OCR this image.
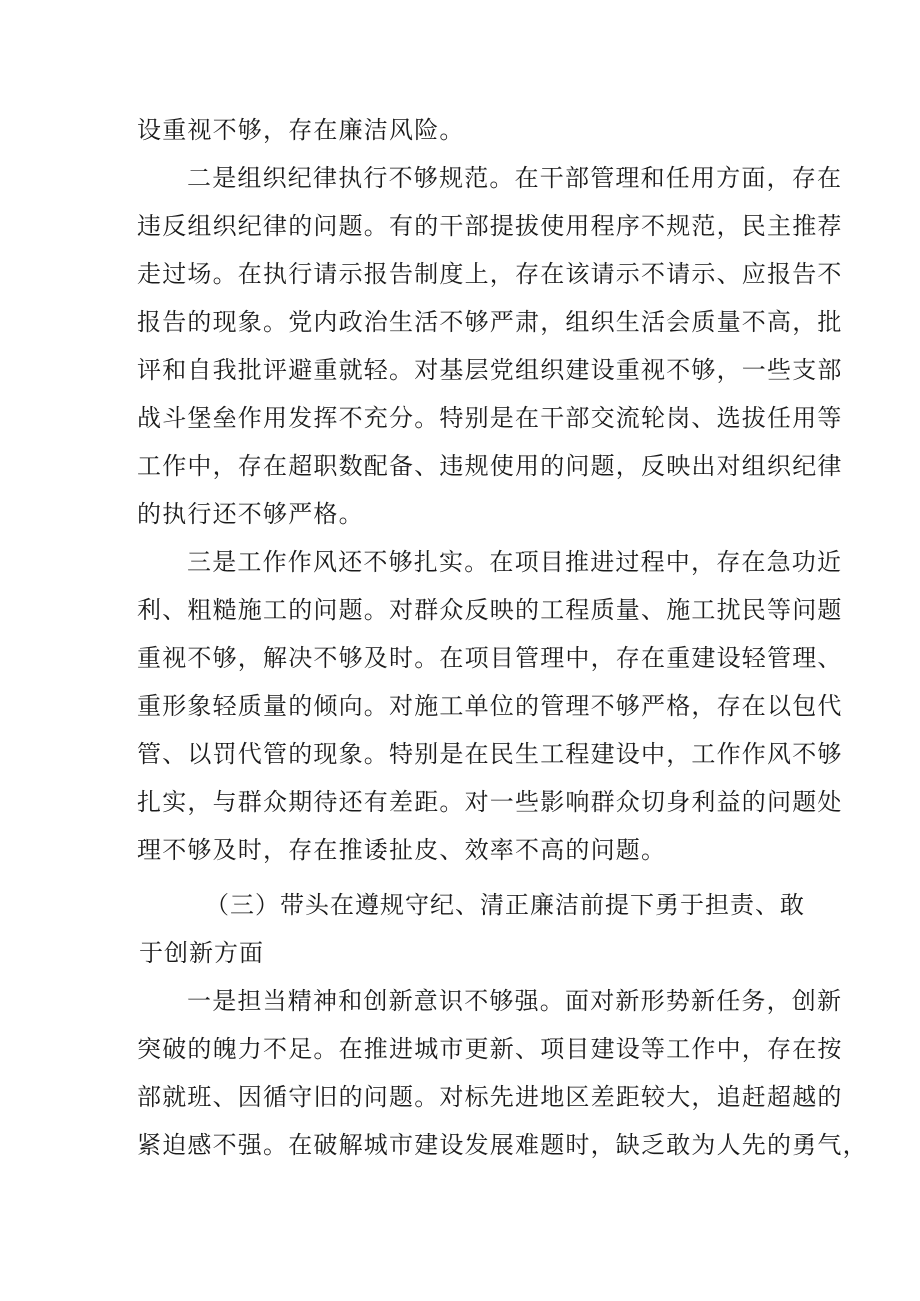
设重视不够，存在廉洁风险。
二是组织纪律执行不够规范。在干部管理和任用方面，存在
违反组织纪律的问题。有的干部提拔使用程序不规范，民主推荐
走过场。在执行请示报告制度上，存在该请示不请示、应报告不
报告的现象。党内政治生活不够严肃，组织生活会质量不高，批
评和自我批评避重就轻。对基层党组织建设重视不够，一些支部
战斗堡垒作用发挥不充分。特别是在干部交流轮岗、选拔任用等
工作中，存在超职数配备、违规使用的问题，反映出对组织纪律
的执行还不够严格。
三是工作作风还不够扎实。在项目推进过程中，存在急功近
利、粗糙施工的问题。对群众反映的工程质量、施工扰民等问题
重视不够，解决不够及时。在项目管理中，存在重建设轻管理、
重形象轻质量的倾向。对施工单位的管理不够严格，存在以包代
管、以罚代管的现象。特别是在民生工程建设中，工作作风不够
扎实，与群众期待还有差距。对一些影响群众切身利益的问题处
理不够及时，存在推诿扯皮、效率不高的问题。
（三）带头在遵规守纪、清正廉洁前提下勇于担责、敢
于创新方面
一是担当精神和创新意识不够强。面对新形势新任务，创新
突破的魄力不足。在推进城市更新、项目建设等工作中，存在按
部就班、因循守旧的问题。对标先进地区差距较大，追赶超越的
紧迫感不强。在破解城市建设发展难题时，缺乏敢为人先的勇气，
